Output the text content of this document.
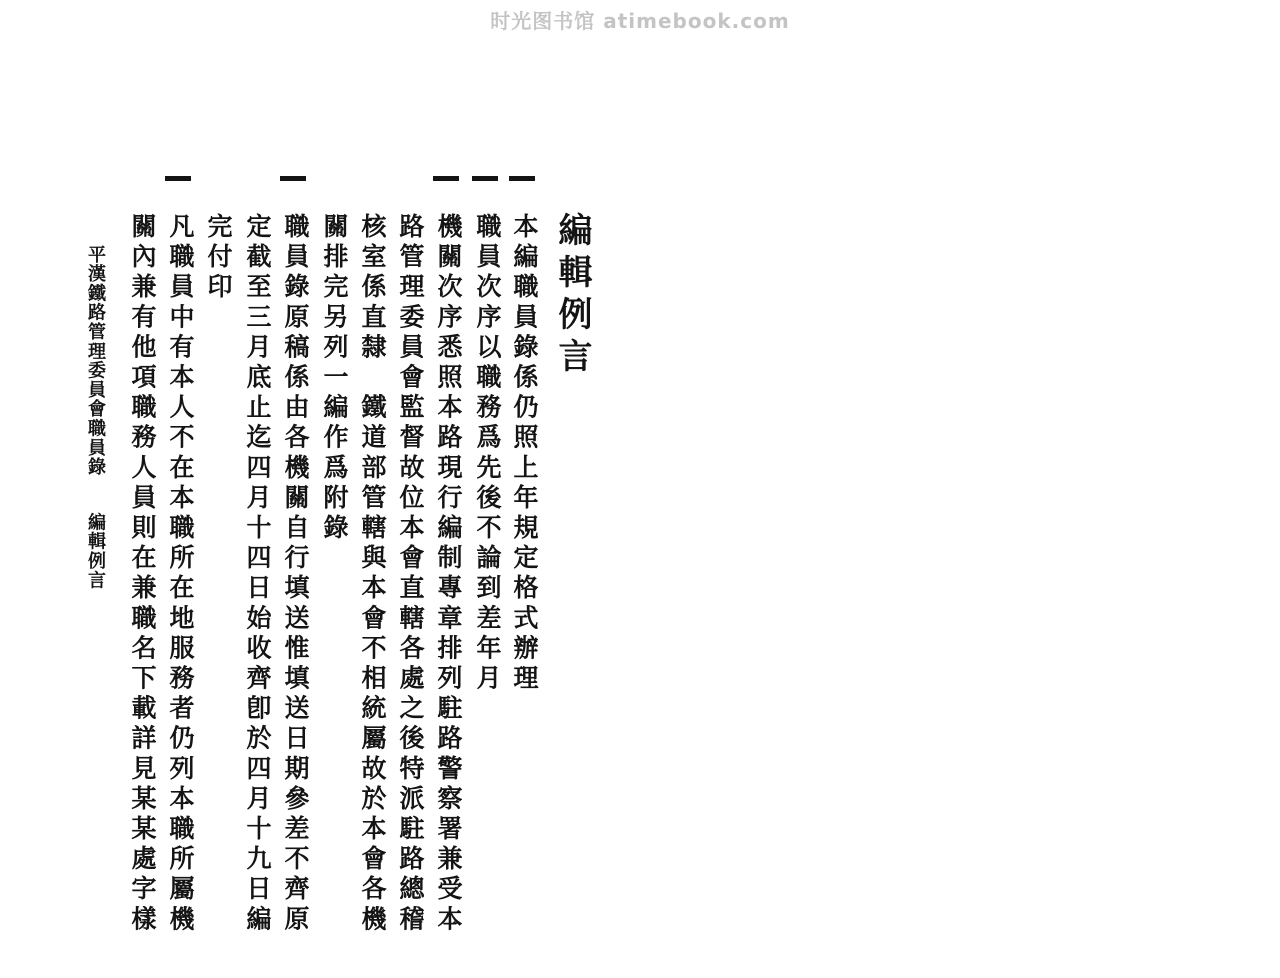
时光图书馆 atimebook.com
編輯例言
本編職員錄係仍照上年規定格式辦理
職員次序以職務爲先後不論到差年月
機關次序悉照本路現行編制專章排列駐路警察署兼受本
路管理委員會監督故位本會直轄各處之後特派駐路總稽
核室係直隸　鐵道部管轄與本會不相統屬故於本會各機
關排完另列一編作爲附錄
職員錄原稿係由各機關自行填送惟填送日期參差不齊原
定截至三月底止迄四月十四日始收齊卽於四月十九日編
完付印
凡職員中有本人不在本職所在地服務者仍列本職所屬機
關內兼有他項職務人員則在兼職名下載詳見某某處字樣
平漢鐵路管理委員會職員錄編輯例言
